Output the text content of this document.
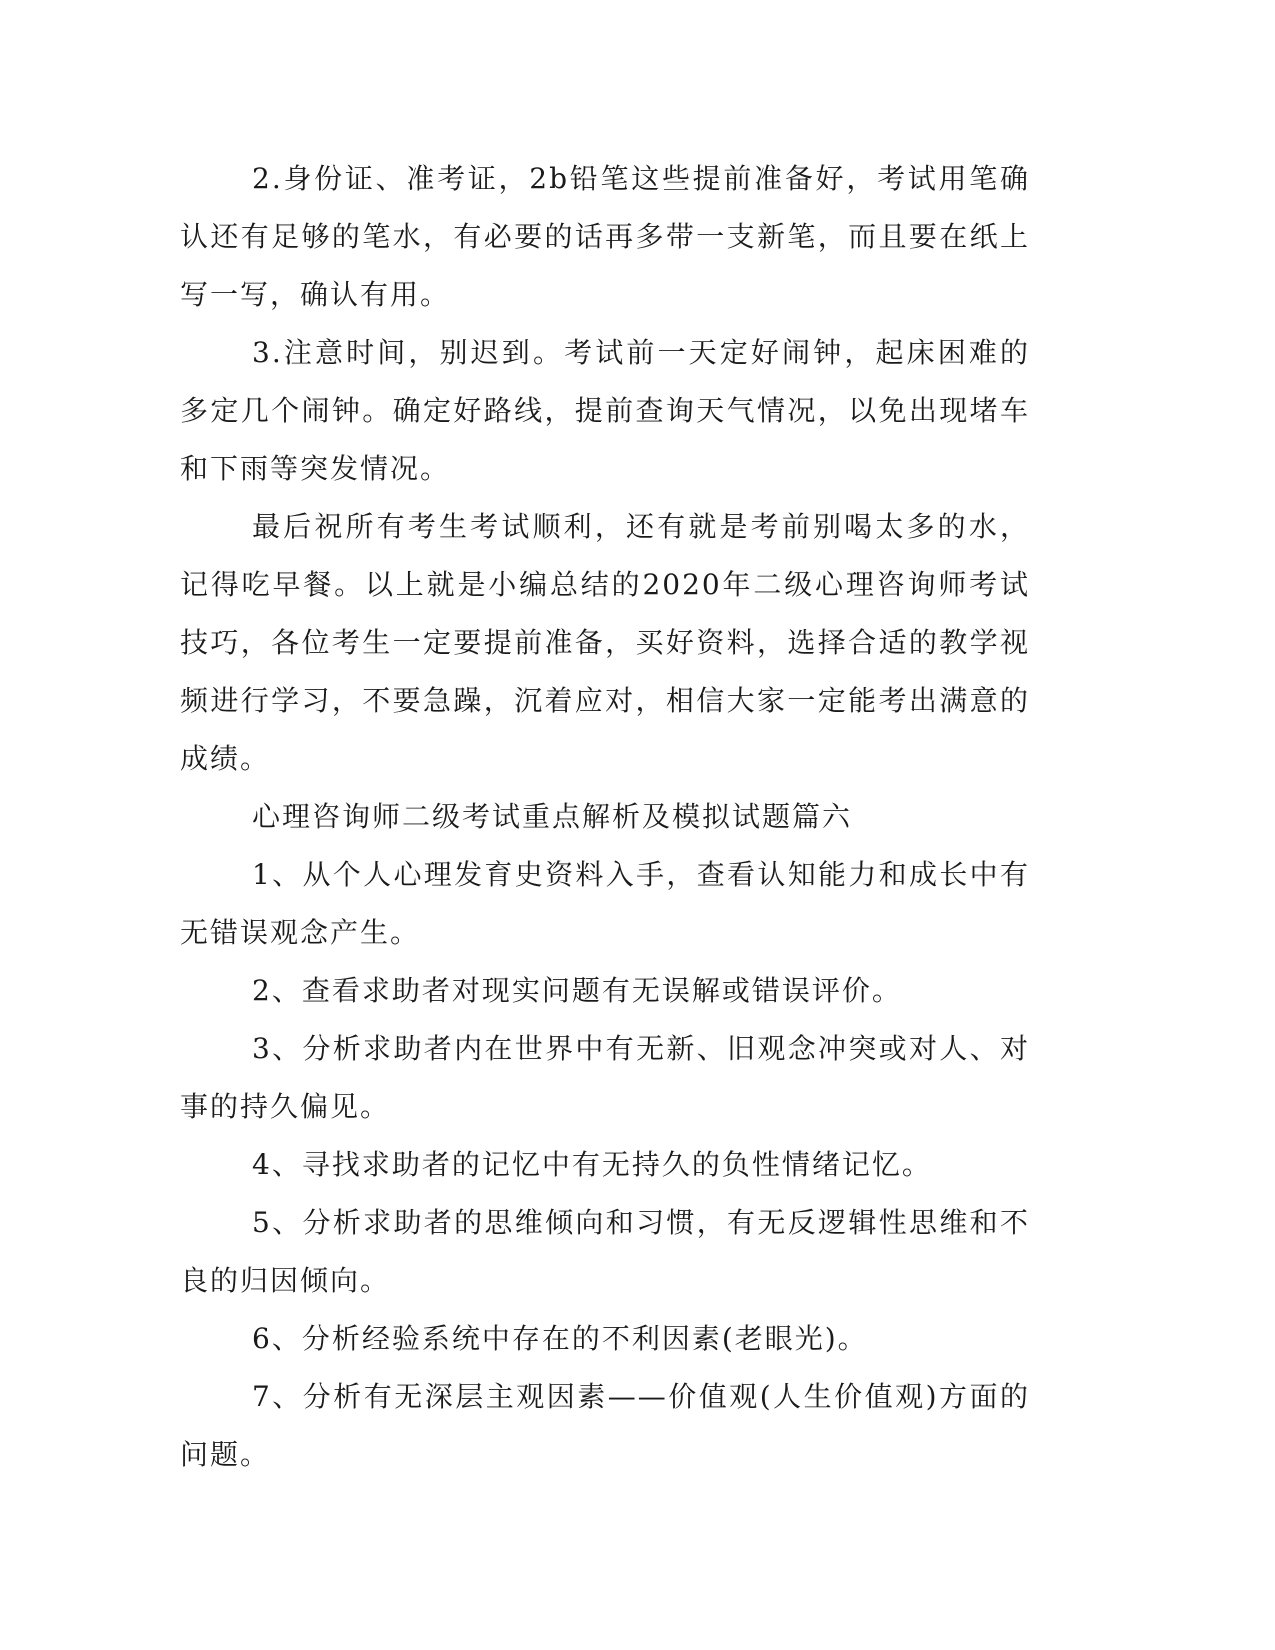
2.身份证、准考证，2b铅笔这些提前准备好，考试用笔确认还有足够的笔水，有必要的话再多带一支新笔，而且要在纸上写一写，确认有用。

3.注意时间，别迟到。考试前一天定好闹钟，起床困难的多定几个闹钟。确定好路线，提前查询天气情况，以免出现堵车和下雨等突发情况。

最后祝所有考生考试顺利，还有就是考前别喝太多的水，记得吃早餐。以上就是小编总结的2020年二级心理咨询师考试技巧，各位考生一定要提前准备，买好资料，选择合适的教学视频进行学习，不要急躁，沉着应对，相信大家一定能考出满意的成绩。

心理咨询师二级考试重点解析及模拟试题篇六

1、从个人心理发育史资料入手，查看认知能力和成长中有无错误观念产生。

2、查看求助者对现实问题有无误解或错误评价。

3、分析求助者内在世界中有无新、旧观念冲突或对人、对事的持久偏见。

4、寻找求助者的记忆中有无持久的负性情绪记忆。

5、分析求助者的思维倾向和习惯，有无反逻辑性思维和不良的归因倾向。

6、分析经验系统中存在的不利因素(老眼光)。

7、分析有无深层主观因素——价值观(人生价值观)方面的问题。
